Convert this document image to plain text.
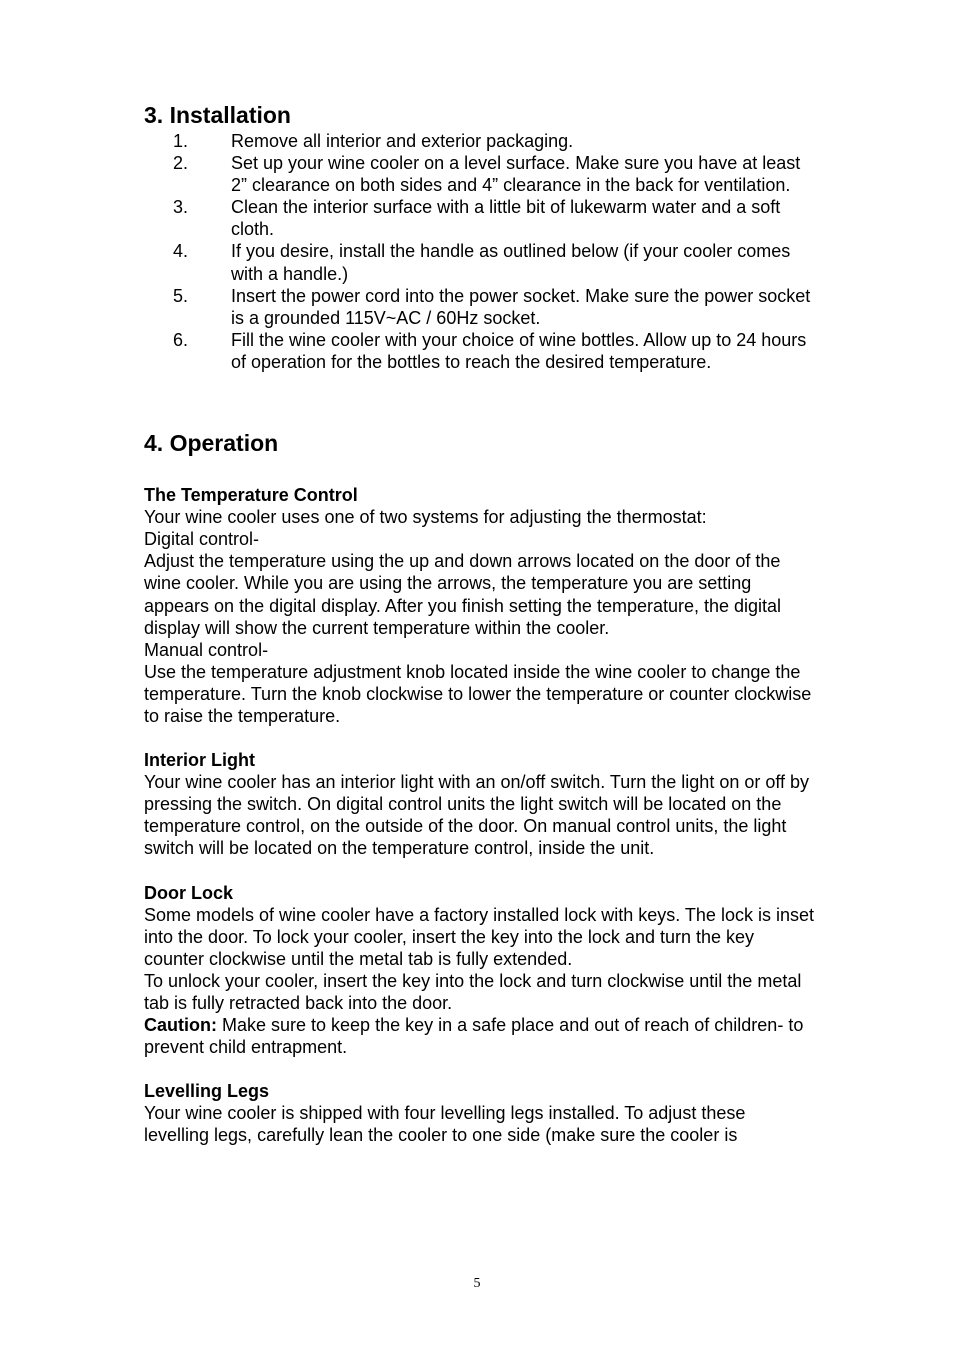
3. Installation
1. Remove all interior and exterior packaging.
2. Set up your wine cooler on a level surface. Make sure you have at least 2” clearance on both sides and 4” clearance in the back for ventilation.
3. Clean the interior surface with a little bit of lukewarm water and a soft cloth.
4. If you desire, install the handle as outlined below (if your cooler comes with a handle.)
5. Insert the power cord into the power socket. Make sure the power socket is a grounded 115V~AC / 60Hz socket.
6. Fill the wine cooler with your choice of wine bottles. Allow up to 24 hours of operation for the bottles to reach the desired temperature.
4. Operation

The Temperature Control

Your wine cooler uses one of two systems for adjusting the thermostat:

Digital control-

Adjust the temperature using the up and down arrows located on the door of the wine cooler. While you are using the arrows, the temperature you are setting appears on the digital display. After you finish setting the temperature, the digital display will show the current temperature within the cooler.

Manual control-

Use the temperature adjustment knob located inside the wine cooler to change the temperature. Turn the knob clockwise to lower the temperature or counter clockwise to raise the temperature.

Interior Light

Your wine cooler has an interior light with an on/off switch. Turn the light on or off by pressing the switch. On digital control units the light switch will be located on the temperature control, on the outside of the door. On manual control units, the light switch will be located on the temperature control, inside the unit.

Door Lock

Some models of wine cooler have a factory installed lock with keys. The lock is inset into the door. To lock your cooler, insert the key into the lock and turn the key counter clockwise until the metal tab is fully extended.

To unlock your cooler, insert the key into the lock and turn clockwise until the metal tab is fully retracted back into the door.

Caution: Make sure to keep the key in a safe place and out of reach of children- to prevent child entrapment.

Levelling Legs

Your wine cooler is shipped with four levelling legs installed. To adjust these levelling legs, carefully lean the cooler to one side (make sure the cooler is

5
